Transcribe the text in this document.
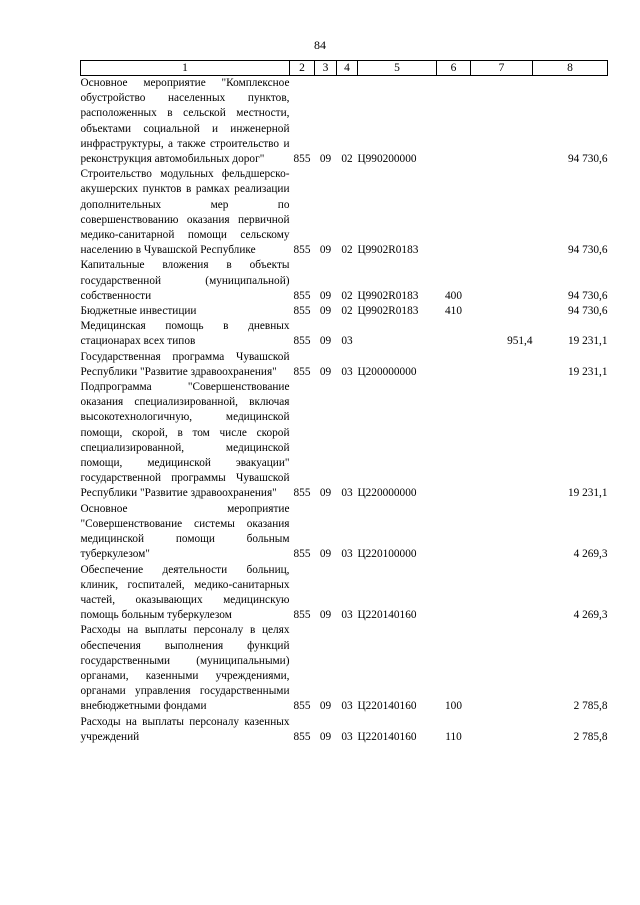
84
1	2	3	4	5	6	7	8
Основное мероприятие "Комплексное обустройство населенных пунктов, расположенных в сельской местности, объектами социальной и инженерной инфраструктуры, а также строительство и реконструкция автомобильных дорог"	855	09	02	Ц990200000			94 730,6
Строительство модульных фельдшерско-акушерских пунктов в рамках реализации дополнительных мер по совершенствованию оказания первичной медико-санитарной помощи сельскому населению в Чувашской Республике	855	09	02	Ц9902R0183			94 730,6
Капитальные вложения в объекты государственной (муниципальной) собственности	855	09	02	Ц9902R0183	400		94 730,6
Бюджетные инвестиции	855	09	02	Ц9902R0183	410		94 730,6
Медицинская помощь в дневных стационарах всех типов	855	09	03			951,4	19 231,1
Государственная программа Чувашской Республики "Развитие здравоохранения"	855	09	03	Ц200000000			19 231,1
Подпрограмма "Совершенствование оказания специализированной, включая высокотехнологичную, медицинской помощи, скорой, в том числе скорой специализированной, медицинской помощи, медицинской эвакуации" государственной программы Чувашской Республики "Развитие здравоохранения"	855	09	03	Ц220000000			19 231,1
Основное мероприятие "Совершенствование системы оказания медицинской помощи больным туберкулезом"	855	09	03	Ц220100000			4 269,3
Обеспечение деятельности больниц, клиник, госпиталей, медико-санитарных частей, оказывающих медицинскую помощь больным туберкулезом	855	09	03	Ц220140160			4 269,3
Расходы на выплаты персоналу в целях обеспечения выполнения функций государственными (муниципальными) органами, казенными учреждениями, органами управления государственными внебюджетными фондами	855	09	03	Ц220140160	100		2 785,8
Расходы на выплаты персоналу казенных учреждений	855	09	03	Ц220140160	110		2 785,8
